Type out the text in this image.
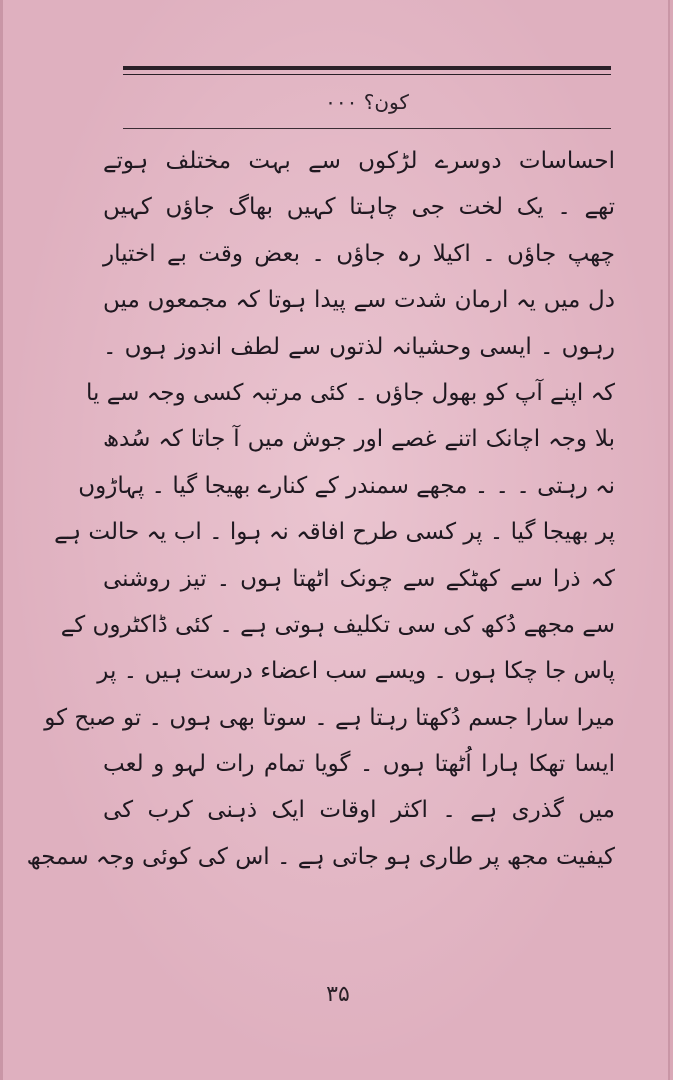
کون؟ ۰۰۰
احساسات دوسرے لڑکوں سے بہت مختلف ہوتے
تھے ۔ یک لخت جی چاہتا کہیں بھاگ جاؤں کہیں
چھپ جاؤں ۔ اکیلا رہ جاؤں ۔ بعض وقت بے اختیار
دل میں یہ ارمان شدت سے پیدا ہوتا کہ مجمعوں میں
رہوں ۔ ایسی وحشیانہ لذتوں سے لطف اندوز ہوں ۔
کہ اپنے آپ کو بھول جاؤں ۔ کئی مرتبہ کسی وجہ سے یا
بلا وجہ اچانک اتنے غصے اور جوش میں آ جاتا کہ سُدھ
نہ رہتی ۔ ۔ ۔ مجھے سمندر کے کنارے بھیجا گیا ۔ پہاڑوں
پر بھیجا گیا ۔ پر کسی طرح افاقہ نہ ہوا ۔ اب یہ حالت ہے
کہ ذرا سے کھٹکے سے چونک اٹھتا ہوں ۔ تیز روشنی
سے مجھے دُکھ کی سی تکلیف ہوتی ہے ۔ کئی ڈاکٹروں کے
پاس جا چکا ہوں ۔ ویسے سب اعضاء درست ہیں ۔ پر
میرا سارا جسم دُکھتا رہتا ہے ۔ سوتا بھی ہوں ۔ تو صبح کو
ایسا تھکا ہارا اُٹھتا ہوں ۔ گویا تمام رات لہو و لعب
میں گذری ہے ۔ اکثر اوقات ایک ذہنی کرب کی
کیفیت مجھ پر طاری ہو جاتی ہے ۔ اس کی کوئی وجہ سمجھ
۳۵
